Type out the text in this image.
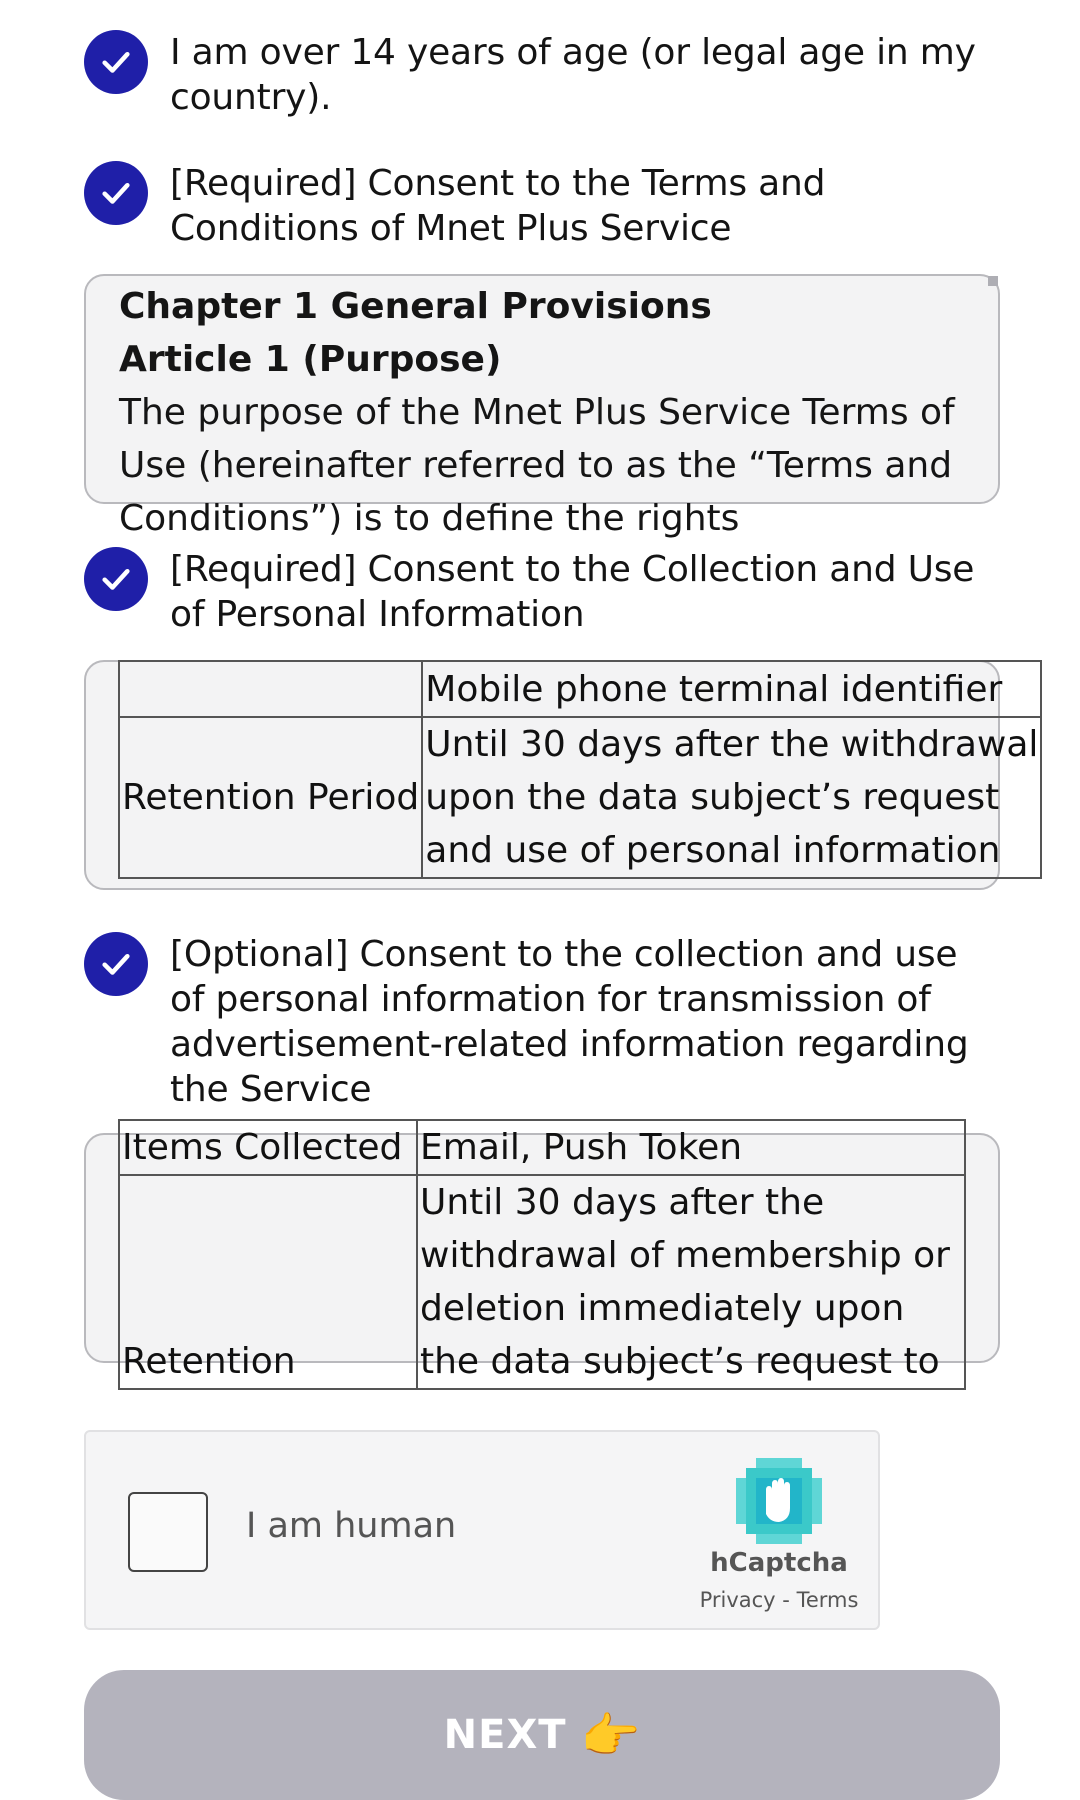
I am over 14 years of age (or legal age in my
country).
[Required] Consent to the Terms and
Conditions of Mnet Plus Service
Chapter 1 General Provisions
Article 1 (Purpose)
The purpose of the Mnet Plus Service Terms of
Use (hereinafter referred to as the “Terms and
Conditions”) is to define the rights
[Required] Consent to the Collection and Use
of Personal Information
	Mobile phone terminal identifier
Retention Period	Until 30 days after the withdrawal
upon the data subject’s request
and use of personal information
[Optional] Consent to the collection and use
of personal information for transmission of
advertisement-related information regarding
the Service
Items Collected	Email, Push Token
Retention	Until 30 days after the
withdrawal of membership or
deletion immediately upon
the data subject’s request to
I am human
hCaptcha
Privacy - Terms
NEXT 👉
